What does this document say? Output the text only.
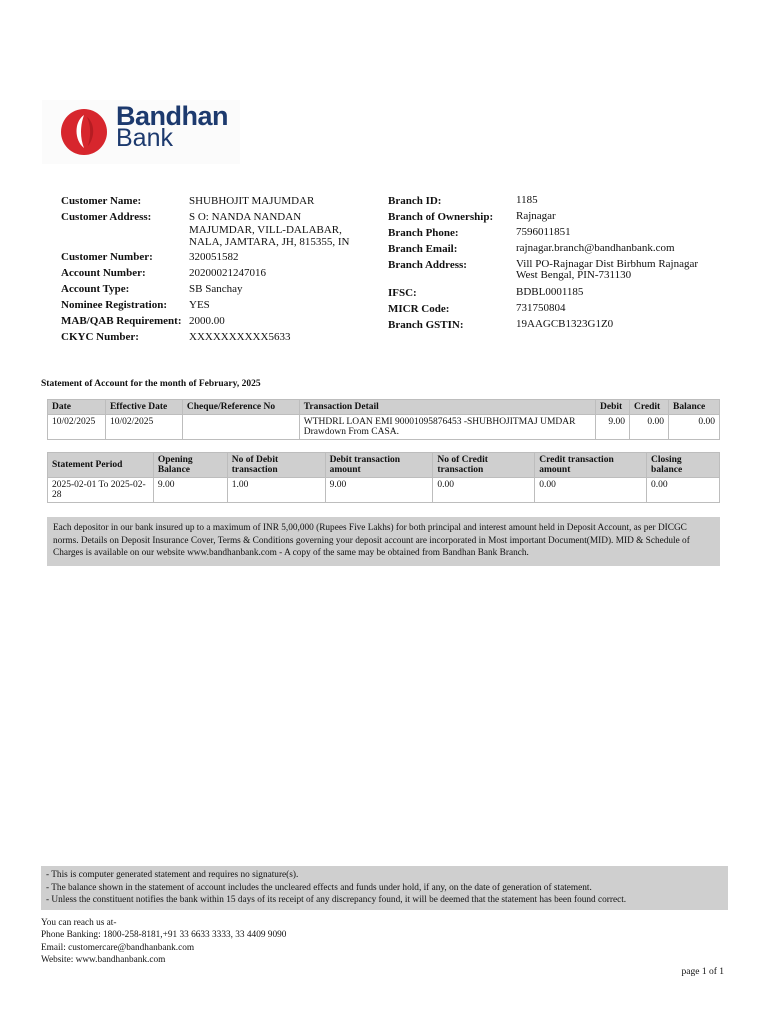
Bandhan
Bank
Customer Name:	SHUBHOJIT MAJUMDAR
Customer Address:	S O: NANDA NANDAN MAJUMDAR, VILL-DALABAR, NALA, JAMTARA, JH, 815355, IN
Customer Number:	320051582
Account Number:	20200021247016
Account Type:	SB Sanchay
Nominee Registration:	YES
MAB/QAB Requirement: 2000.00
CKYC Number:	XXXXXXXXXX5633
Branch ID:	1185
Branch of Ownership:	Rajnagar
Branch Phone:	7596011851
Branch Email:	rajnagar.branch@bandhanbank.com
Branch Address:	Vill PO-Rajnagar Dist Birbhum Rajnagar West Bengal, PIN-731130
IFSC:	BDBL0001185
MICR Code:	731750804
Branch GSTIN:	19AAGCB1323G1Z0
Statement of Account for the month of February, 2025
Date	Effective Date	Cheque/Reference No	Transaction Detail	Debit	Credit	Balance
10/02/2025	10/02/2025		WTHDRL LOAN EMI 90001095876453 -SHUBHOJITMAJ UMDAR Drawdown From CASA.	9.00	0.00	0.00
Statement Period	Opening Balance	No of Debit transaction	Debit transaction amount	No of Credit transaction	Credit transaction amount	Closing balance
2025-02-01 To 2025-02-28	9.00	1.00	9.00	0.00	0.00	0.00
Each depositor in our bank insured up to a maximum of INR 5,00,000 (Rupees Five Lakhs) for both principal and interest amount held in Deposit Account, as per DICGC norms. Details on Deposit Insurance Cover, Terms & Conditions governing your deposit account are incorporated in Most important Document(MID). MID & Schedule of Charges is available on our website www.bandhanbank.com - A copy of the same may be obtained from Bandhan Bank Branch.
- This is computer generated statement and requires no signature(s).
- The balance shown in the statement of account includes the uncleared effects and funds under hold, if any, on the date of generation of statement.
- Unless the constituent notifies the bank within 15 days of its receipt of any discrepancy found, it will be deemed that the statement has been found correct.
You can reach us at-
Phone Banking: 1800-258-8181,+91 33 6633 3333, 33 4409 9090
Email: customercare@bandhanbank.com
Website: www.bandhanbank.com
page 1 of 1
